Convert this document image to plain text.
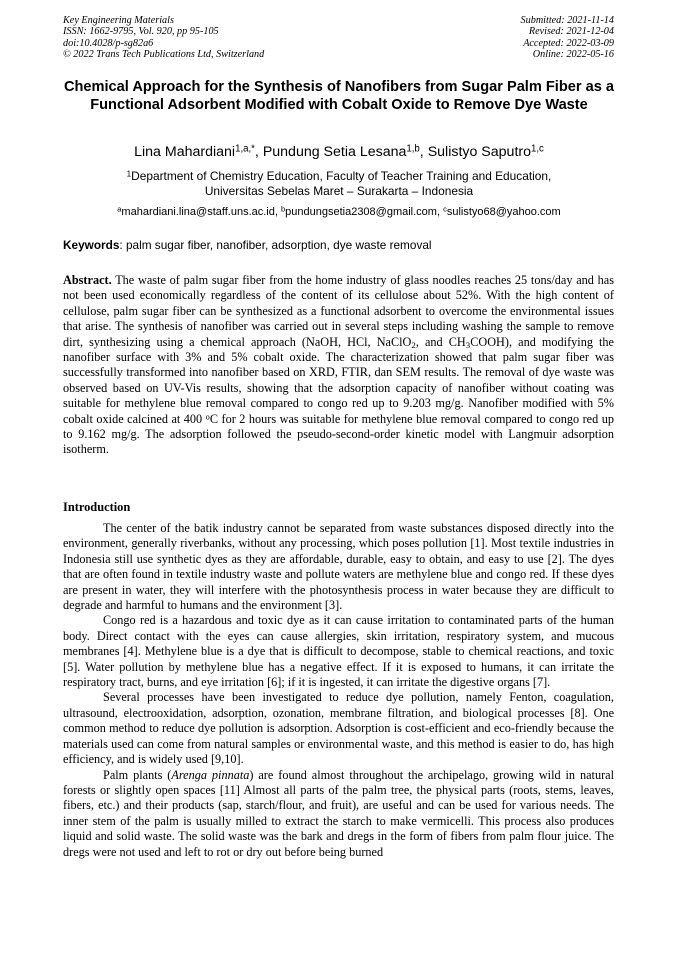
Key Engineering Materials
ISSN: 1662-9795, Vol. 920, pp 95-105
doi:10.4028/p-sg82a6
© 2022 Trans Tech Publications Ltd, Switzerland
Submitted: 2021-11-14
Revised: 2021-12-04
Accepted: 2022-03-09
Online: 2022-05-16
Chemical Approach for the Synthesis of Nanofibers from Sugar Palm Fiber as a Functional Adsorbent Modified with Cobalt Oxide to Remove Dye Waste
Lina Mahardiani$^{1,a,*}$, Pundung Setia Lesana$^{1,b}$, Sulistyo Saputro$^{1,c}$
$^1$Department of Chemistry Education, Faculty of Teacher Training and Education,
Universitas Sebelas Maret – Surakarta – Indonesia
$^a$mahardiani.lina@staff.uns.ac.id, $^b$pundungsetia2308@gmail.com, $^c$sulistyo68@yahoo.com
Keywords: palm sugar fiber, nanofiber, adsorption, dye waste removal
Abstract. The waste of palm sugar fiber from the home industry of glass noodles reaches 25 tons/day and has not been used economically regardless of the content of its cellulose about 52%. With the high content of cellulose, palm sugar fiber can be synthesized as a functional adsorbent to overcome the environmental issues that arise. The synthesis of nanofiber was carried out in several steps including washing the sample to remove dirt, synthesizing using a chemical approach (NaOH, HCl, NaClO$_2$, and $CH_3COOH$), and modifying the nanofiber surface with 3% and 5% cobalt oxide. The characterization showed that palm sugar fiber was successfully transformed into nanofiber based on XRD, FTIR, dan SEM results. The removal of dye waste was observed based on UV-Vis results, showing that the adsorption capacity of nanofiber without coating was suitable for methylene blue removal compared to congo red up to 9.203 mg/g. Nanofiber modified with 5% cobalt oxide calcined at 400 $^o$C for 2 hours was suitable for methylene blue removal compared to congo red up to 9.162 mg/g. The adsorption followed the pseudo-second-order kinetic model with Langmuir adsorption isotherm.
Introduction

The center of the batik industry cannot be separated from waste substances disposed directly into the environment, generally riverbanks, without any processing, which poses pollution [1]. Most textile industries in Indonesia still use synthetic dyes as they are affordable, durable, easy to obtain, and easy to use [2]. The dyes that are often found in textile industry waste and pollute waters are methylene blue and congo red. If these dyes are present in water, they will interfere with the photosynthesis process in water because they are difficult to degrade and harmful to humans and the environment [3].

Congo red is a hazardous and toxic dye as it can cause irritation to contaminated parts of the human body. Direct contact with the eyes can cause allergies, skin irritation, respiratory system, and mucous membranes [4]. Methylene blue is a dye that is difficult to decompose, stable to chemical reactions, and toxic [5]. Water pollution by methylene blue has a negative effect. If it is exposed to humans, it can irritate the respiratory tract, burns, and eye irritation [6]; if it is ingested, it can irritate the digestive organs [7].

Several processes have been investigated to reduce dye pollution, namely Fenton, coagulation, ultrasound, electrooxidation, adsorption, ozonation, membrane filtration, and biological processes [8]. One common method to reduce dye pollution is adsorption. Adsorption is cost-efficient and eco-friendly because the materials used can come from natural samples or environmental waste, and this method is easier to do, has high efficiency, and is widely used [9,10].

Palm plants (Arenga pinnata) are found almost throughout the archipelago, growing wild in natural forests or slightly open spaces [11] Almost all parts of the palm tree, the physical parts (roots, stems, leaves, fibers, etc.) and their products (sap, starch/flour, and fruit), are useful and can be used for various needs. The inner stem of the palm is usually milled to extract the starch to make vermicelli. This process also produces liquid and solid waste. The solid waste was the bark and dregs in the form of fibers from palm flour juice. The dregs were not used and left to rot or dry out before being burned
